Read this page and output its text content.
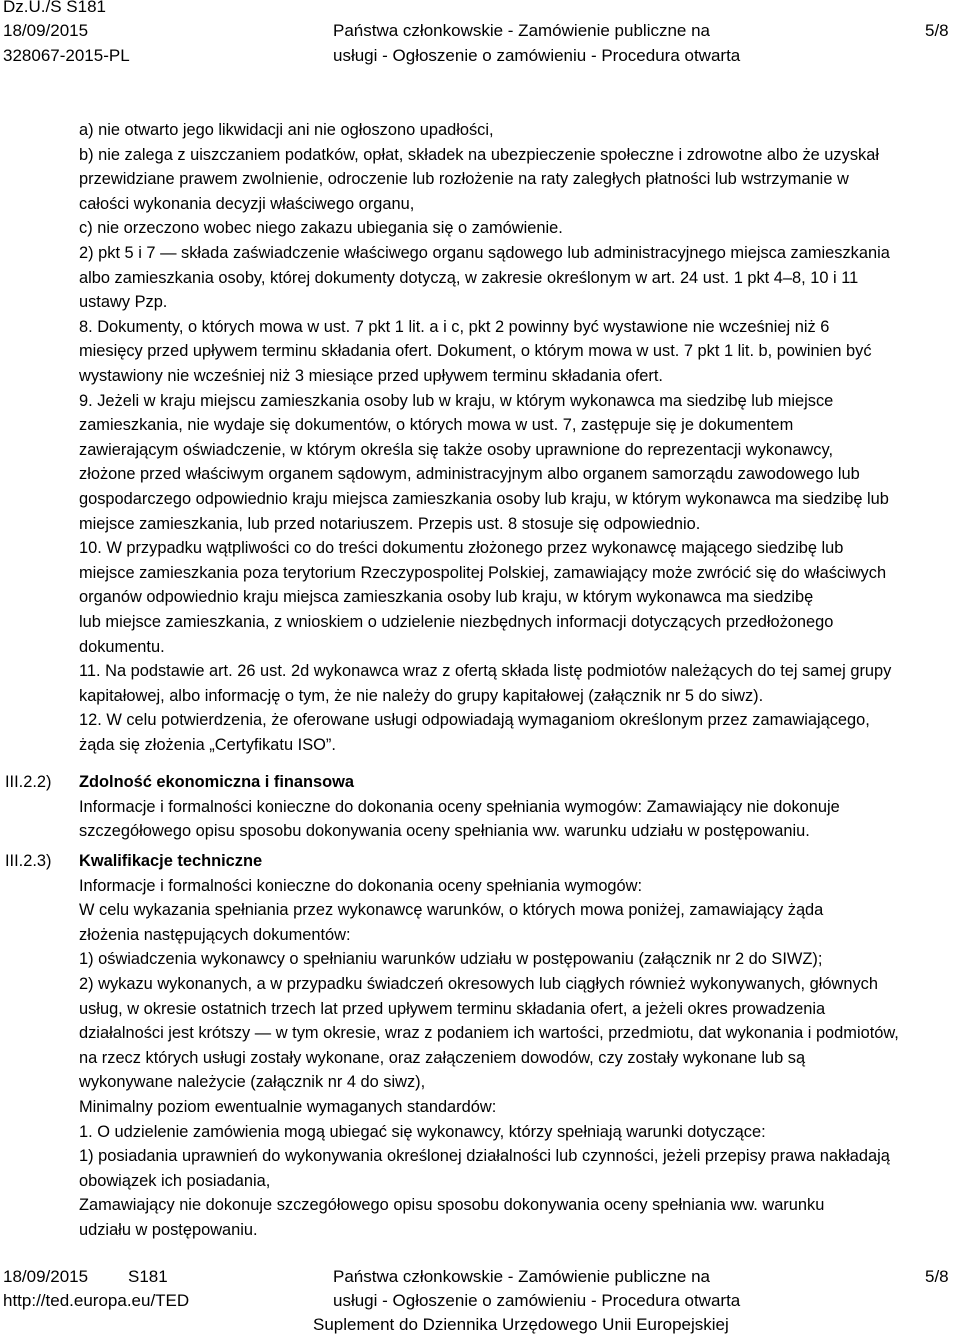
Dz.U./S S181
18/09/2015
328067-2015-PL
Państwa członkowskie - Zamówienie publiczne na
usługi - Ogłoszenie o zamówieniu - Procedura otwarta
5/8
a) nie otwarto jego likwidacji ani nie ogłoszono upadłości,
b) nie zalega z uiszczaniem podatków, opłat, składek na ubezpieczenie społeczne i zdrowotne albo że uzyskał
przewidziane prawem zwolnienie, odroczenie lub rozłożenie na raty zaległych płatności lub wstrzymanie w
całości wykonania decyzji właściwego organu,
c) nie orzeczono wobec niego zakazu ubiegania się o zamówienie.
2) pkt 5 i 7 — składa zaświadczenie właściwego organu sądowego lub administracyjnego miejsca zamieszkania
albo zamieszkania osoby, której dokumenty dotyczą, w zakresie określonym w art. 24 ust. 1 pkt 4–8, 10 i 11
ustawy Pzp.
8. Dokumenty, o których mowa w ust. 7 pkt 1 lit. a i c, pkt 2 powinny być wystawione nie wcześniej niż 6
miesięcy przed upływem terminu składania ofert. Dokument, o którym mowa w ust. 7 pkt 1 lit. b, powinien być
wystawiony nie wcześniej niż 3 miesiące przed upływem terminu składania ofert.
9. Jeżeli w kraju miejscu zamieszkania osoby lub w kraju, w którym wykonawca ma siedzibę lub miejsce
zamieszkania, nie wydaje się dokumentów, o których mowa w ust. 7, zastępuje się je dokumentem
zawierającym oświadczenie, w którym określa się także osoby uprawnione do reprezentacji wykonawcy,
złożone przed właściwym organem sądowym, administracyjnym albo organem samorządu zawodowego lub
gospodarczego odpowiednio kraju miejsca zamieszkania osoby lub kraju, w którym wykonawca ma siedzibę lub
miejsce zamieszkania, lub przed notariuszem. Przepis ust. 8 stosuje się odpowiednio.
10. W przypadku wątpliwości co do treści dokumentu złożonego przez wykonawcę mającego siedzibę lub
miejsce zamieszkania poza terytorium Rzeczypospolitej Polskiej, zamawiający może zwrócić się do właściwych
organów odpowiednio kraju miejsca zamieszkania osoby lub kraju, w którym wykonawca ma siedzibę
lub miejsce zamieszkania, z wnioskiem o udzielenie niezbędnych informacji dotyczących przedłożonego
dokumentu.
11. Na podstawie art. 26 ust. 2d wykonawca wraz z ofertą składa listę podmiotów należących do tej samej grupy
kapitałowej, albo informację o tym, że nie należy do grupy kapitałowej (załącznik nr 5 do siwz).
12. W celu potwierdzenia, że oferowane usługi odpowiadają wymaganiom określonym przez zamawiającego,
żąda się złożenia „Certyfikatu ISO”.
Zdolność ekonomiczna i finansowa
Informacje i formalności konieczne do dokonania oceny spełniania wymogów: Zamawiający nie dokonuje
szczegółowego opisu sposobu dokonywania oceny spełniania ww. warunku udziału w postępowaniu.
Kwalifikacje techniczne
Informacje i formalności konieczne do dokonania oceny spełniania wymogów:
W celu wykazania spełniania przez wykonawcę warunków, o których mowa poniżej, zamawiający żąda
złożenia następujących dokumentów:
1) oświadczenia wykonawcy o spełnianiu warunków udziału w postępowaniu (załącznik nr 2 do SIWZ);
2) wykazu wykonanych, a w przypadku świadczeń okresowych lub ciągłych również wykonywanych, głównych
usług, w okresie ostatnich trzech lat przed upływem terminu składania ofert, a jeżeli okres prowadzenia
działalności jest krótszy — w tym okresie, wraz z podaniem ich wartości, przedmiotu, dat wykonania i podmiotów,
na rzecz których usługi zostały wykonane, oraz załączeniem dowodów, czy zostały wykonane lub są
wykonywane należycie (załącznik nr 4 do siwz),
Minimalny poziom ewentualnie wymaganych standardów:
1. O udzielenie zamówienia mogą ubiegać się wykonawcy, którzy spełniają warunki dotyczące:
1) posiadania uprawnień do wykonywania określonej działalności lub czynności, jeżeli przepisy prawa nakładają
obowiązek ich posiadania,
Zamawiający nie dokonuje szczegółowego opisu sposobu dokonywania oceny spełniania ww. warunku
udziału w postępowaniu.
III.2.2)
III.2.3)
18/09/2015 S181
http://ted.europa.eu/TED
Państwa członkowskie - Zamówienie publiczne na
usługi - Ogłoszenie o zamówieniu - Procedura otwarta
Suplement do Dziennika Urzędowego Unii Europejskiej
5/8
